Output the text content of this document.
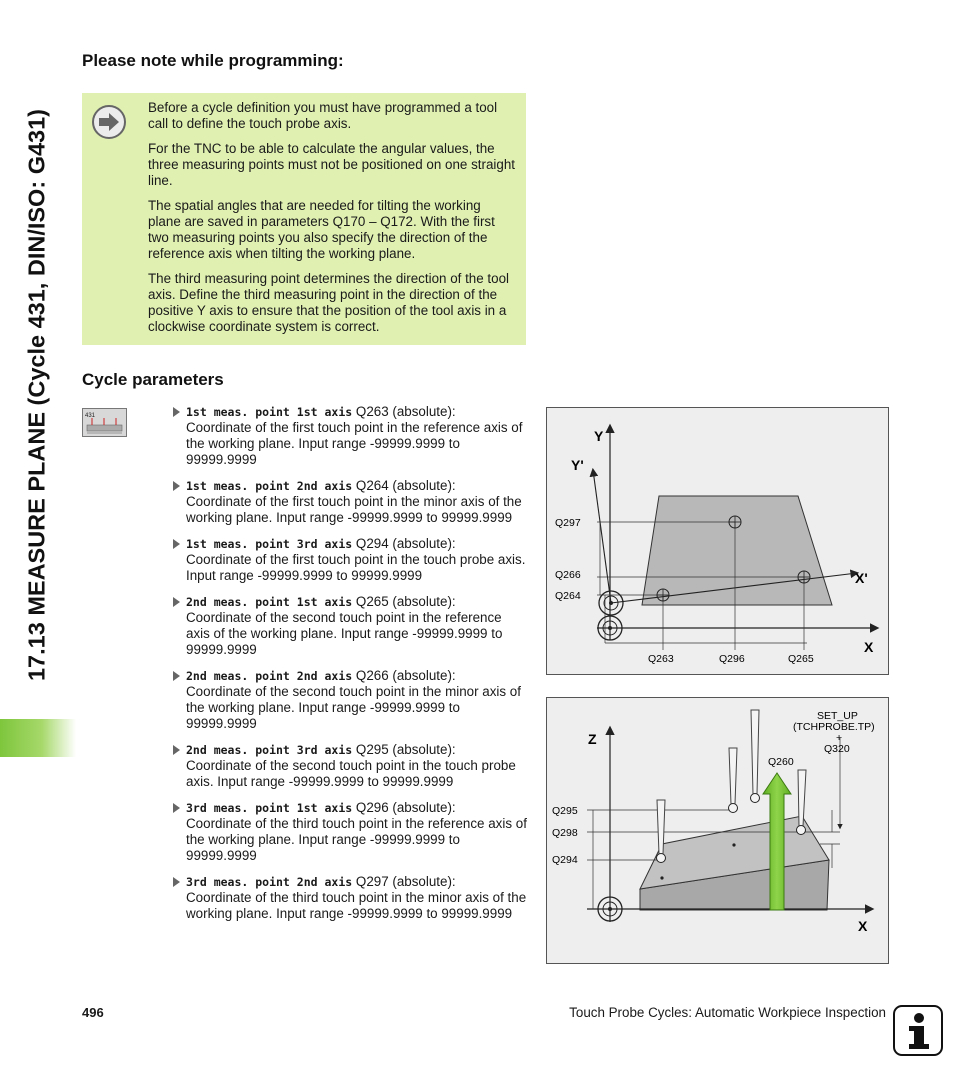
17.13 MEASURE PLANE (Cycle 431, DIN/ISO: G431)
Please note while programming:

Before a cycle definition you must have programmed a tool call to define the touch probe axis.

For the TNC to be able to calculate the angular values, the three measuring points must not be positioned on one straight line.

The spatial angles that are needed for tilting the working plane are saved in parameters Q170 – Q172. With the first two measuring points you also specify the direction of the reference axis when tilting the working plane.

The third measuring point determines the direction of the tool axis. Define the third measuring point in the direction of the positive Y axis to ensure that the position of the tool axis in a clockwise coordinate system is correct.

Cycle parameters
431	1st meas. point 1st axis Q263 (absolute):
Coordinate of the first touch point in the reference axis of the working plane. Input range -99999.9999 to 99999.9999
1st meas. point 2nd axis Q264 (absolute):
Coordinate of the first touch point in the minor axis of the working plane. Input range -99999.9999 to 99999.9999
1st meas. point 3rd axis Q294 (absolute):
Coordinate of the first touch point in the touch probe axis. Input range -99999.9999 to 99999.9999
2nd meas. point 1st axis Q265 (absolute):
Coordinate of the second touch point in the reference axis of the working plane. Input range -99999.9999 to 99999.9999
2nd meas. point 2nd axis Q266 (absolute):
Coordinate of the second touch point in the minor axis of the working plane. Input range -99999.9999 to 99999.9999
2nd meas. point 3rd axis Q295 (absolute):
Coordinate of the second touch point in the touch probe axis. Input range -99999.9999 to 99999.9999
3rd meas. point 1st axis Q296 (absolute):
Coordinate of the third touch point in the reference axis of the working plane. Input range -99999.9999 to 99999.9999
3rd meas. point 2nd axis Q297 (absolute):
Coordinate of the third touch point in the minor axis of the working plane. Input range -99999.9999 to 99999.9999
Y
Y'
X
X'
Q297
Q266
Q264
Q263	Q296	Q265
Z
X
SET_UP
(TCHPROBE.TP)
+
Q320
Q260
Q295
Q298
Q294
496	Touch Probe Cycles: Automatic Workpiece Inspection
